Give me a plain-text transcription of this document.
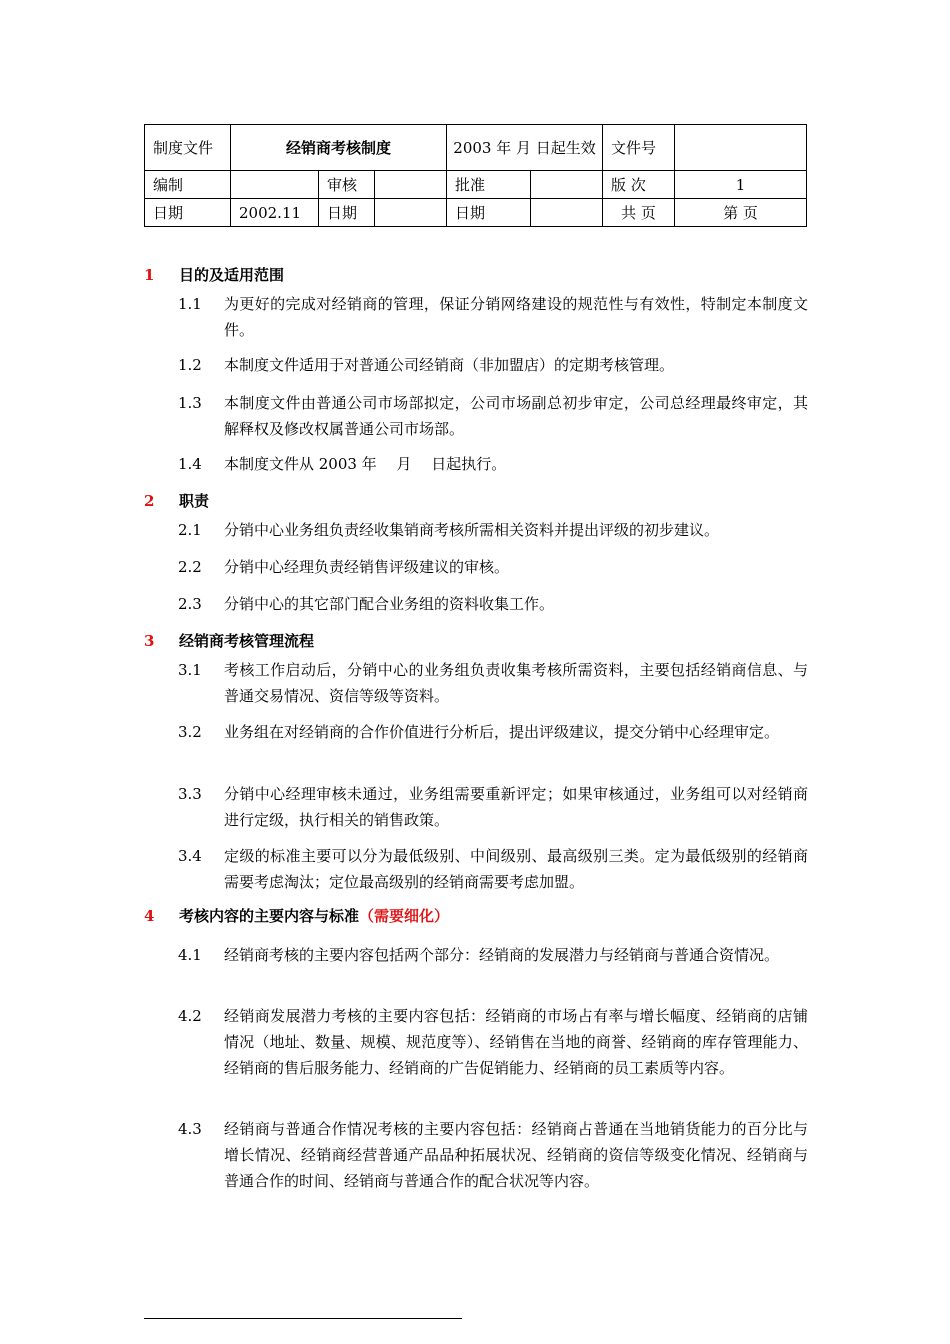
制度文件	经销商考核制度			2003 年 月 日起生效		文件号	
编制		审核		批准		版 次	1
日期	2002.11	日期		日期		共 页	第 页
1 目的及适用范围
1.1 为更好的完成对经销商的管理，保证分销网络建设的规范性与有效性，特制定本制度文件。
1.2 本制度文件适用于对普通公司经销商（非加盟店）的定期考核管理。
1.3 本制度文件由普通公司市场部拟定，公司市场副总初步审定，公司总经理最终审定，其解释权及修改权属普通公司市场部。
1.4 本制度文件从 2003 年　 月　 日起执行。
2 职责
2.1 分销中心业务组负责经收集销商考核所需相关资料并提出评级的初步建议。
2.2 分销中心经理负责经销售评级建议的审核。
2.3 分销中心的其它部门配合业务组的资料收集工作。
3 经销商考核管理流程
3.1 考核工作启动后，分销中心的业务组负责收集考核所需资料，主要包括经销商信息、与普通交易情况、资信等级等资料。
3.2 业务组在对经销商的合作价值进行分析后，提出评级建议，提交分销中心经理审定。
3.3 分销中心经理审核未通过，业务组需要重新评定；如果审核通过，业务组可以对经销商进行定级，执行相关的销售政策。
3.4 定级的标准主要可以分为最低级别、中间级别、最高级别三类。定为最低级别的经销商需要考虑淘汰；定位最高级别的经销商需要考虑加盟。
4 考核内容的主要内容与标准（需要细化）
4.1 经销商考核的主要内容包括两个部分：经销商的发展潜力与经销商与普通合资情况。
4.2 经销商发展潜力考核的主要内容包括：经销商的市场占有率与增长幅度、经销商的店铺情况（地址、数量、规模、规范度等）、经销售在当地的商誉、经销商的库存管理能力、经销商的售后服务能力、经销商的广告促销能力、经销商的员工素质等内容。
4.3 经销商与普通合作情况考核的主要内容包括：经销商占普通在当地销货能力的百分比与增长情况、经销商经营普通产品品种拓展状况、经销商的资信等级变化情况、经销商与普通合作的时间、经销商与普通合作的配合状况等内容。
